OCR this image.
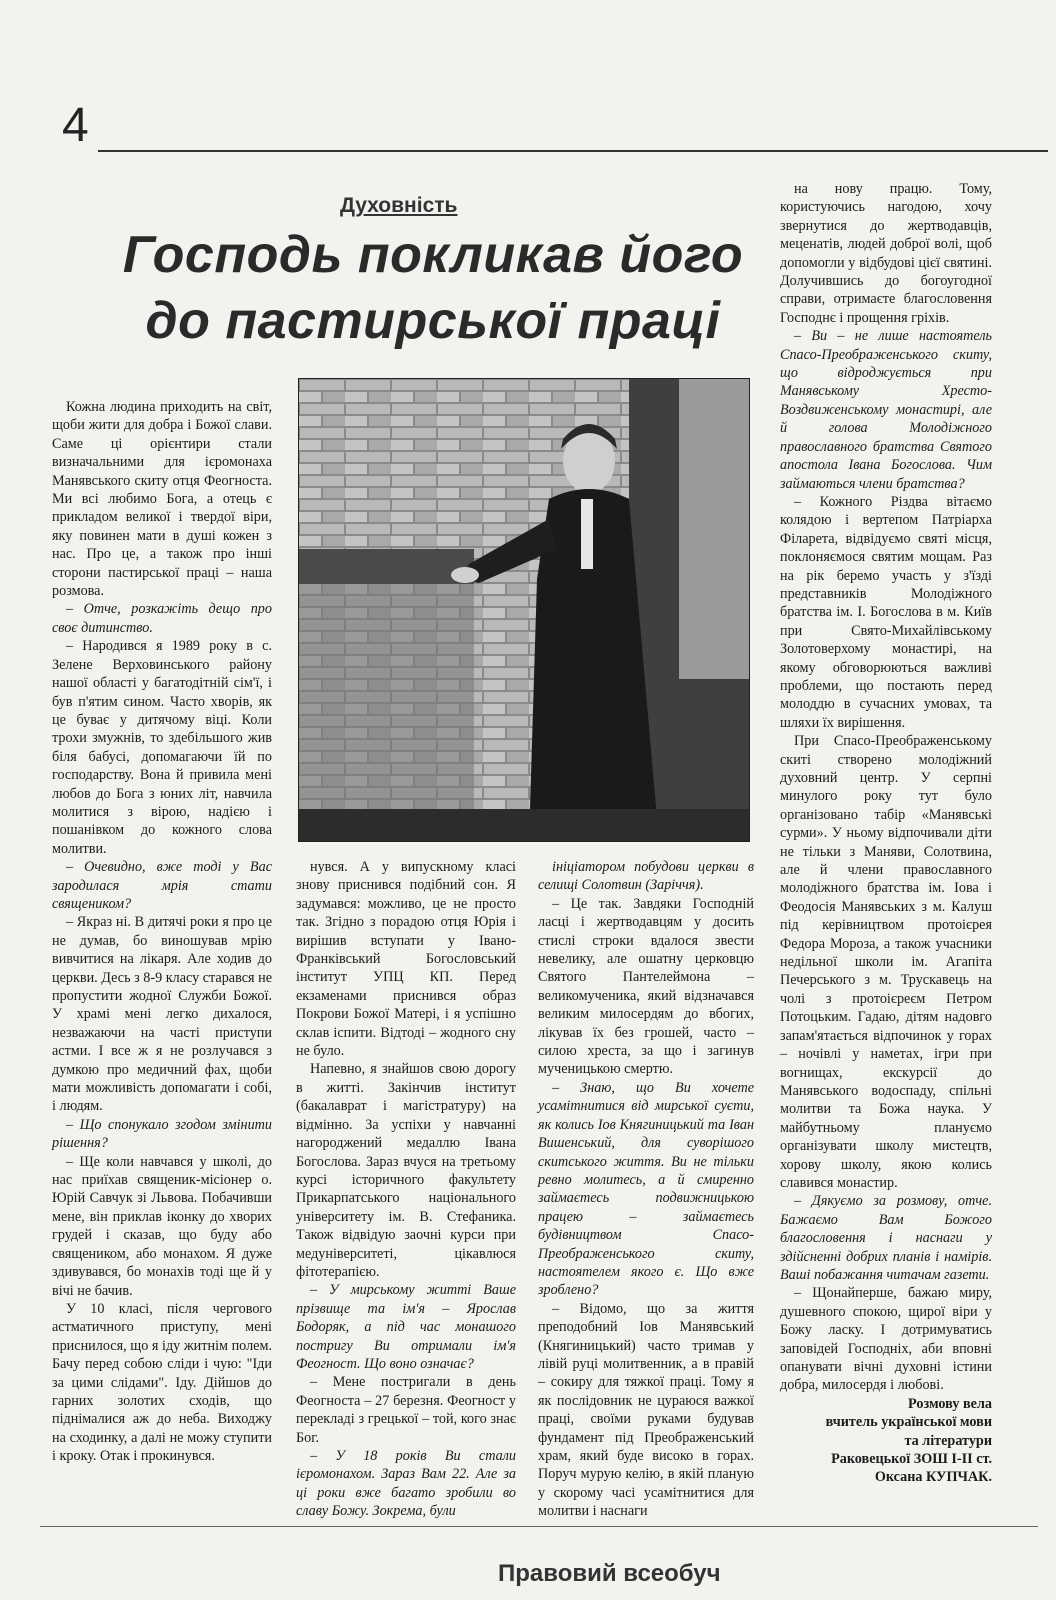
4
Духовність
Господь покликав його до пастирської праці

Кожна людина приходить на світ, щоби жити для добра і Божої слави. Саме ці орієнтири стали визначальними для ієромонаха Манявського скиту отця Феогноста. Ми всі любимо Бога, а отець є прикладом великої і твердої віри, яку повинен мати в душі кожен з нас. Про це, а також про інші сторони пастирської праці – наша розмова.

– Отче, розкажіть дещо про своє дитинство.

– Народився я 1989 року в с. Зелене Верховинського району нашої області у багатодітній сім'ї, і був п'ятим сином. Часто хворів, як це буває у дитячому віці. Коли трохи змужнів, то здебільшого жив біля бабусі, допомагаючи їй по господарству. Вона й привила мені любов до Бога з юних літ, навчила молитися з вірою, надією і пошанівком до кожного слова молитви.

– Очевидно, вже тоді у Вас зародилася мрія стати священиком?

– Якраз ні. В дитячі роки я про це не думав, бо виношував мрію вивчитися на лікаря. Але ходив до церкви. Десь з 8-9 класу старався не пропустити жодної Служби Божої. У храмі мені легко дихалося, незважаючи на часті приступи астми. І все ж я не розлучався з думкою про медичний фах, щоби мати можливість допомагати і собі, і людям.

– Що спонукало згодом змінити рішення?

– Ще коли навчався у школі, до нас приїхав священик-місіонер о. Юрій Савчук зі Львова. Побачивши мене, він приклав іконку до хворих грудей і сказав, що буду або священиком, або монахом. Я дуже здивувався, бо монахів тоді ще й у вічі не бачив.

У 10 класі, після чергового астматичного приступу, мені приснилося, що я іду житнім полем. Бачу перед собою сліди і чую: "Іди за цими слідами". Іду. Дійшов до гарних золотих сходів, що піднімалися аж до неба. Виходжу на сходинку, а далі не можу ступити і кроку. Отак і прокинувся.

нувся. А у випускному класі знову приснився подібний сон. Я задумався: можливо, це не просто так. Згідно з порадою отця Юрія і вирішив вступати у Івано-Франківський Богословський інститут УПЦ КП. Перед екзаменами приснився образ Покрови Божої Матері, і я успішно склав іспити. Відтоді – жодного сну не було.

Напевно, я знайшов свою дорогу в житті. Закінчив інститут (бакалаврат і магістратуру) на відмінно. За успіхи у навчанні нагороджений медаллю Івана Богослова. Зараз вчуся на третьому курсі історичного факультету Прикарпатського національного університету ім. В. Стефаника. Також відвідую заочні курси при медуніверситеті, цікавлюся фітотерапією.

– У мирському житті Ваше прізвище та ім'я – Ярослав Бодоряк, а під час монашого постригу Ви отримали ім'я Феогност. Що воно означає?

– Мене постригали в день Феогноста – 27 березня. Феогност у перекладі з грецької – той, кого знає Бог.

– У 18 років Ви стали ієромонахом. Зараз Вам 22. Але за ці роки вже багато зробили во славу Божу. Зокрема, були

ініціатором побудови церкви в селищі Солотвин (Заріччя).

– Це так. Завдяки Господній ласці і жертводавцям у досить стислі строки вдалося звести невелику, але ошатну церковцю Святого Пантелеймона – великомученика, який відзначався великим милосердям до вбогих, лікував їх без грошей, часто – силою хреста, за що і загинув мученицькою смертю.

– Знаю, що Ви хочете усамітнитися від мирської суєти, як колись Іов Княгиницький та Іван Вишенський, для суворішого скитського життя. Ви не тільки ревно молитесь, а й смиренно займаєтесь подвижницькою працею – займаєтесь будівництвом Спасо-Преображенського скиту, настоятелем якого є. Що вже зроблено?

– Відомо, що за життя преподобний Іов Манявський (Княгиницький) часто тримав у лівій руці молитвенник, а в правій – сокиру для тяжкої праці. Тому я як послідовник не цураюся важкої праці, своїми руками будував фундамент під Преображенський храм, який буде високо в горах. Поруч мурую келію, в якій планую у скорому часі усамітнитися для молитви і наснаги

на нову працю. Тому, користуючись нагодою, хочу звернутися до жертводавців, меценатів, людей доброї волі, щоб допомогли у відбудові цієї святині. Долучившись до богоугодної справи, отримаєте благословення Господнє і прощення гріхів.

– Ви – не лише настоятель Спасо-Преображенського скиту, що відроджується при Манявському Хресто-Воздвиженському монастирі, але й голова Молодіжного православного братства Святого апостола Івана Богослова. Чим займаються члени братства?

– Кожного Різдва вітаємо колядою і вертепом Патріарха Філарета, відвідуємо святі місця, поклоняємося святим мощам. Раз на рік беремо участь у з'їзді представників Молодіжного братства ім. І. Богослова в м. Київ при Свято-Михайлівському Золотоверхому монастирі, на якому обговорюються важливі проблеми, що постають перед молоддю в сучасних умовах, та шляхи їх вирішення.

При Спасо-Преображенському скиті створено молодіжний духовний центр. У серпні минулого року тут було організовано табір «Манявські сурми». У ньому відпочивали діти не тільки з Маняви, Солотвина, але й члени православного молодіжного братства ім. Іова і Феодосія Манявських з м. Калуш під керівництвом протоієрея Федора Мороза, а також учасники недільної школи ім. Агапіта Печерського з м. Трускавець на чолі з протоієреєм Петром Потоцьким. Гадаю, дітям надовго запам'ятається відпочинок у горах – ночівлі у наметах, ігри при вогнищах, екскурсії до Манявського водоспаду, спільні молитви та Божа наука. У майбутньому плануємо організувати школу мистецтв, хорову школу, якою колись славився монастир.

– Дякуємо за розмову, отче. Бажаємо Вам Божого благословення і наснаги у здійсненні добрих планів і намірів. Ваші побажання читачам газети.

– Щонайперше, бажаю миру, душевного спокою, щирої віри у Божу ласку. І дотримуватись заповідей Господніх, аби вповні опанувати вічні духовні істини добра, милосердя і любові.

Розмову вела

вчитель української мови

та літератури

Раковецької ЗОШ І-ІІ ст.

Оксана КУПЧАК.

Правовий всеобуч
